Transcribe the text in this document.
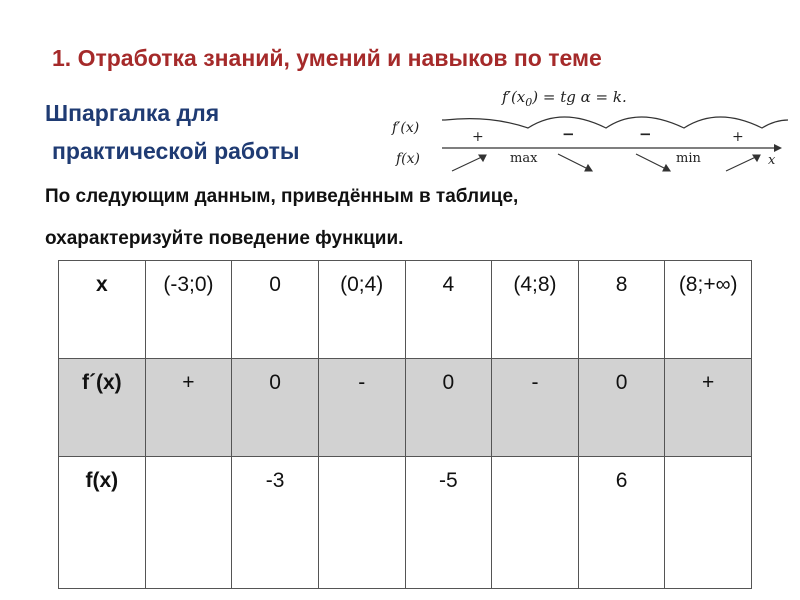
1. Отработка знаний, умений и навыков по теме
Шпаргалка для
практической работы
$f'(x_0)$ = tg α = k.
f′(x)
f(x)
+	−	−	+
x
max	min
По следующим данным, приведённым в таблице,
охарактеризуйте поведение функции.
x	(-3;0)	0	(0;4)	4	(4;8)	8	(8;+∞)
f´(x)	+	0	-	0	-	0	+
f(x)		-3		-5		6	
